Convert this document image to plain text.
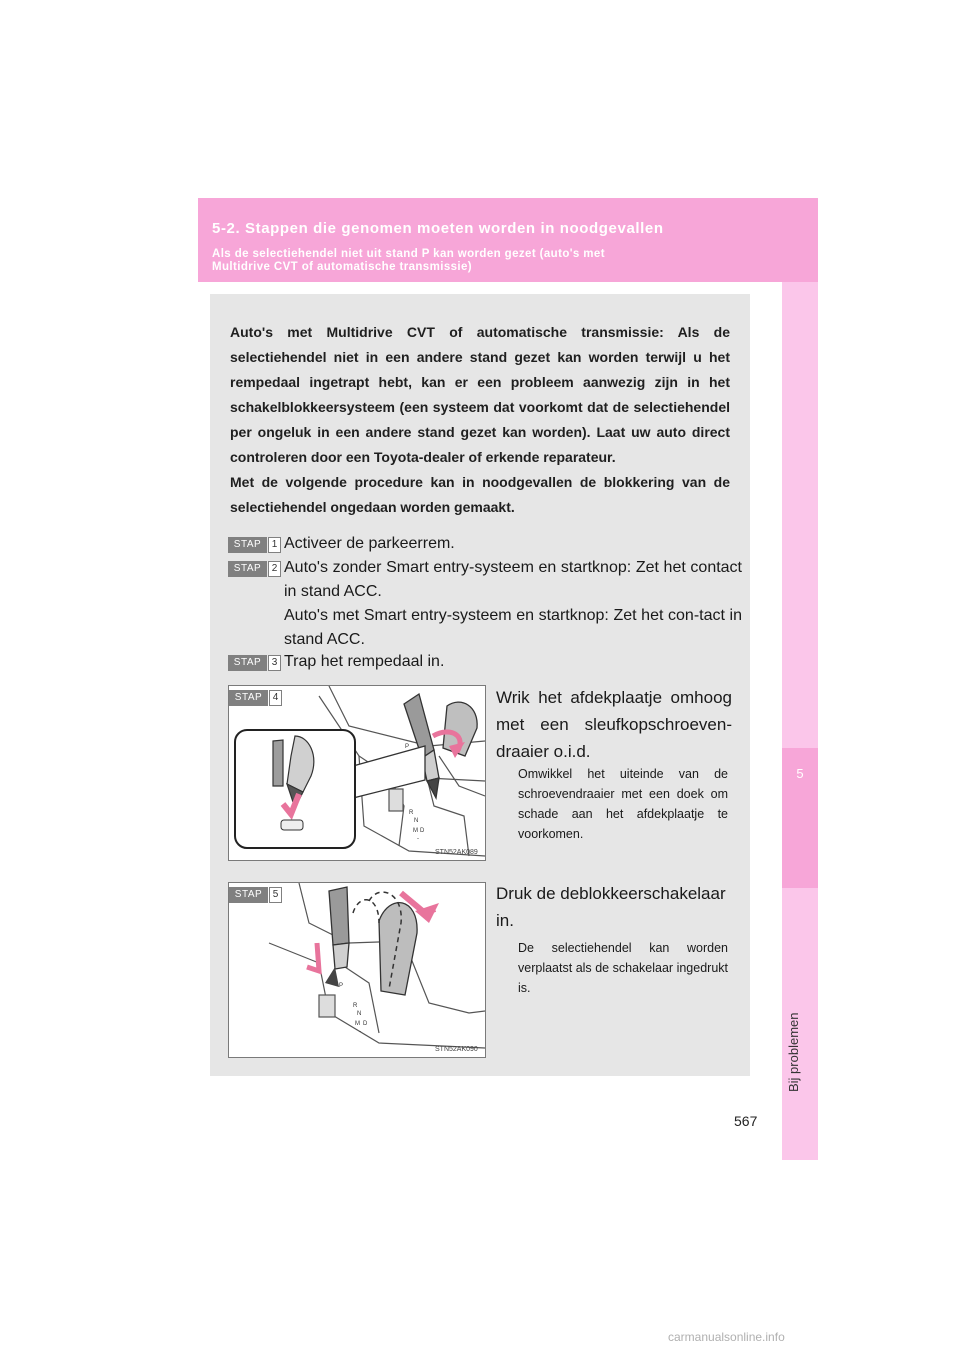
5-2. Stappen die genomen moeten worden in noodgevallen
Als de selectiehendel niet uit stand P kan worden gezet (auto's met
Multidrive CVT of automatische transmissie)
5
Bij problemen

Auto's met Multidrive CVT of automatische transmissie: Als de selectiehendel niet in een andere stand gezet kan worden terwijl u het rempedaal ingetrapt hebt, kan er een probleem aanwezig zijn in het schakelblokkeersysteem (een systeem dat voorkomt dat de selectiehendel per ongeluk in een andere stand gezet kan worden). Laat uw auto direct controleren door een Toyota-dealer of erkende reparateur.

Met de volgende procedure kan in noodgevallen de blokkering van de selectiehendel ongedaan worden gemaakt.

STAP	1 Activeer de parkeerrem.
STAP	2 Auto's zonder Smart entry-systeem en startknop: Zet het contact in stand ACC.
Auto's met Smart entry-systeem en startknop: Zet het con-tact in stand ACC.
STAP	3 Trap het rempedaal in.
P
R
N
D
M
-
STN52AK089
STAP	4	Wrik het afdekplaatje omhoog met een sleufkopschroeven-draaier o.i.d.
Omwikkel het uiteinde van de schroevendraaier met een doek om schade aan het afdekplaatje te voorkomen.
P
R
N
D
M
-
STN52AK090
STAP	5	Druk de deblokkeerschakelaar in.
De selectiehendel kan worden verplaatst als de schakelaar ingedrukt is.
567
carmanualsonline.info
